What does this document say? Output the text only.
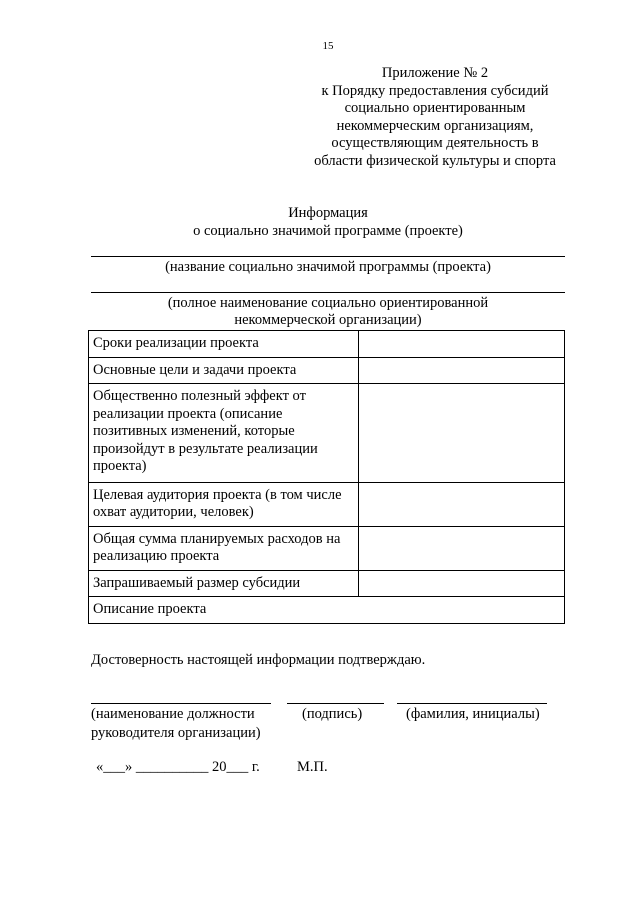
15
Приложение № 2
к Порядку предоставления субсидий
социально ориентированным
некоммерческим организациям,
осуществляющим деятельность в
области физической культуры и спорта
Информация
о социально значимой программе (проекте)
(название социально значимой программы (проекта)
(полное наименование социально ориентированной
некоммерческой организации)
Сроки реализации проекта	
Основные цели и задачи проекта	
Общественно полезный эффект от реализации проекта (описание позитивных изменений, которые произойдут в результате реализации проекта)	
Целевая аудитория проекта (в том числе охват аудитории, человек)	
Общая сумма планируемых расходов на реализацию проекта	
Запрашиваемый размер субсидии	
Описание проекта	
Достоверность настоящей информации подтверждаю.
(наименование должности
руководителя организации)
(подпись)	(фамилия, инициалы)
«___» __________ 20___ г.	М.П.
